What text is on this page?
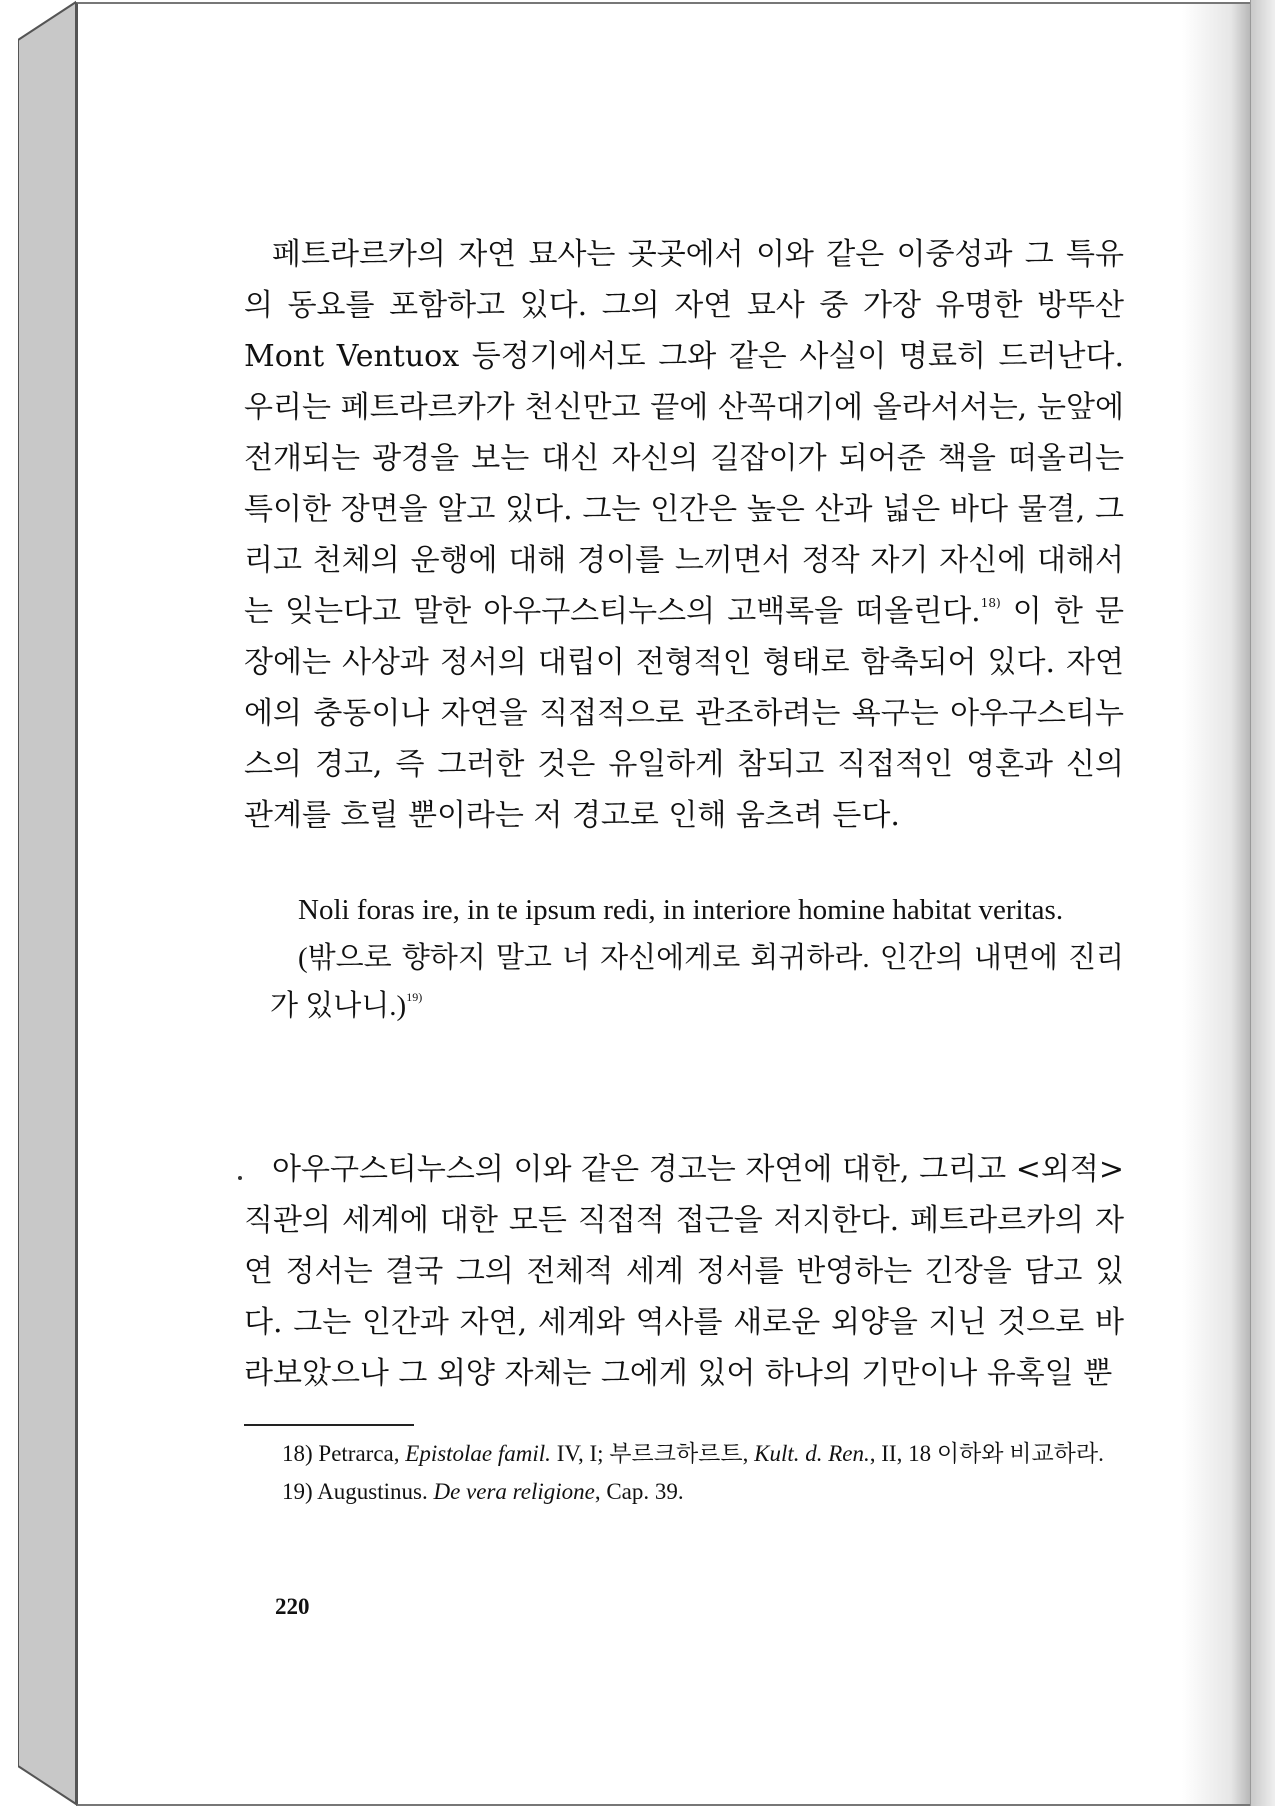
페트라르카의 자연 묘사는 곳곳에서 이와 같은 이중성과 그 특유의 동요를 포함하고 있다. 그의 자연 묘사 중 가장 유명한 방뚜산 Mont Ventuox 등정기에서도 그와 같은 사실이 명료히 드러난다. 우리는 페트라르카가 천신만고 끝에 산꼭대기에 올라서서는, 눈앞에 전개되는 광경을 보는 대신 자신의 길잡이가 되어준 책을 떠올리는 특이한 장면을 알고 있다. 그는 인간은 높은 산과 넓은 바다 물결, 그리고 천체의 운행에 대해 경이를 느끼면서 정작 자기 자신에 대해서는 잊는다고 말한 아우구스티누스의 고백록을 떠올린다.$^{18)}$ 이 한 문장에는 사상과 정서의 대립이 전형적인 형태로 함축되어 있다. 자연에의 충동이나 자연을 직접적으로 관조하려는 욕구는 아우구스티누스의 경고, 즉 그러한 것은 유일하게 참되고 직접적인 영혼과 신의 관계를 흐릴 뿐이라는 저 경고로 인해 움츠려 든다.

Noli foras ire, in te ipsum redi, in interiore homine habitat veritas.

(밖으로 향하지 말고 너 자신에게로 회귀하라. 인간의 내면에 진리가 있나니.)$^{19)}$

아우구스티누스의 이와 같은 경고는 자연에 대한, 그리고 <외적> 직관의 세계에 대한 모든 직접적 접근을 저지한다. 페트라르카의 자연 정서는 결국 그의 전체적 세계 정서를 반영하는 긴장을 담고 있다. 그는 인간과 자연, 세계와 역사를 새로운 외양을 지닌 것으로 바라보았으나 그 외양 자체는 그에게 있어 하나의 기만이나 유혹일 뿐

18) Petrarca, Epistolae famil. IV, I; 부르크하르트, Kult. d. Ren., II, 18 이하와 비교하라.

19) Augustinus. De vera religione, Cap. 39.

220
